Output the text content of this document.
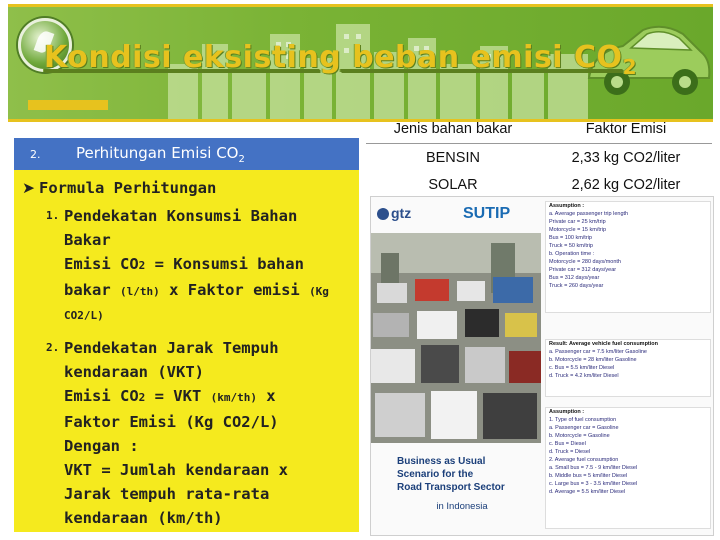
Kondisi eksisting beban emisi $CO_2$
2.	Perhitungan Emisi $CO_2$
➤ Formula Perhitungan
1. Pendekatan Konsumsi Bahan
Bakar
Emisi CO2 = Konsumsi bahan
bakar (l/th) x Faktor emisi (Kg
CO2/L)
2. Pendekatan Jarak Tempuh
kendaraan (VKT)
Emisi CO2 = VKT (km/th) x
Faktor Emisi (Kg CO2/L)
Dengan :
VKT = Jumlah kendaraan x
Jarak tempuh rata-rata
kendaraan (km/th)
Jenis bahan bakar	Faktor Emisi
BENSIN	2,33 kg CO2/liter
SOLAR	2,62 kg CO2/liter
gtz	SUTIP
Business as Usual Scenario for the
Road Transport Sector
in Indonesia
Assumption :
a. Average passenger trip length
Private car = 25 km/trip
Motorcycle = 15 km/trip
Bus = 100 km/trip
Truck = 50 km/trip
b. Operation time :
Motorcycle = 280 days/month
Private car = 312 days/year
Bus = 312 days/year
Truck = 260 days/year
Result: Average vehicle fuel consumption
a. Passenger car = 7.5 km/liter Gasoline
b. Motorcycle = 28 km/liter Gasoline
c. Bus = 5.5 km/liter Diesel
d. Truck = 4.2 km/liter Diesel
Assumption :
1. Type of fuel consumption
a. Passenger car = Gasoline
b. Motorcycle = Gasoline
c. Bus = Diesel
d. Truck = Diesel
2. Average fuel consumption
a. Small bus = 7.5 - 9 km/liter Diesel
b. Middle bus = 5 km/liter Diesel
c. Large bus = 3 - 3.5 km/liter Diesel
d. Average = 5.5 km/liter Diesel
